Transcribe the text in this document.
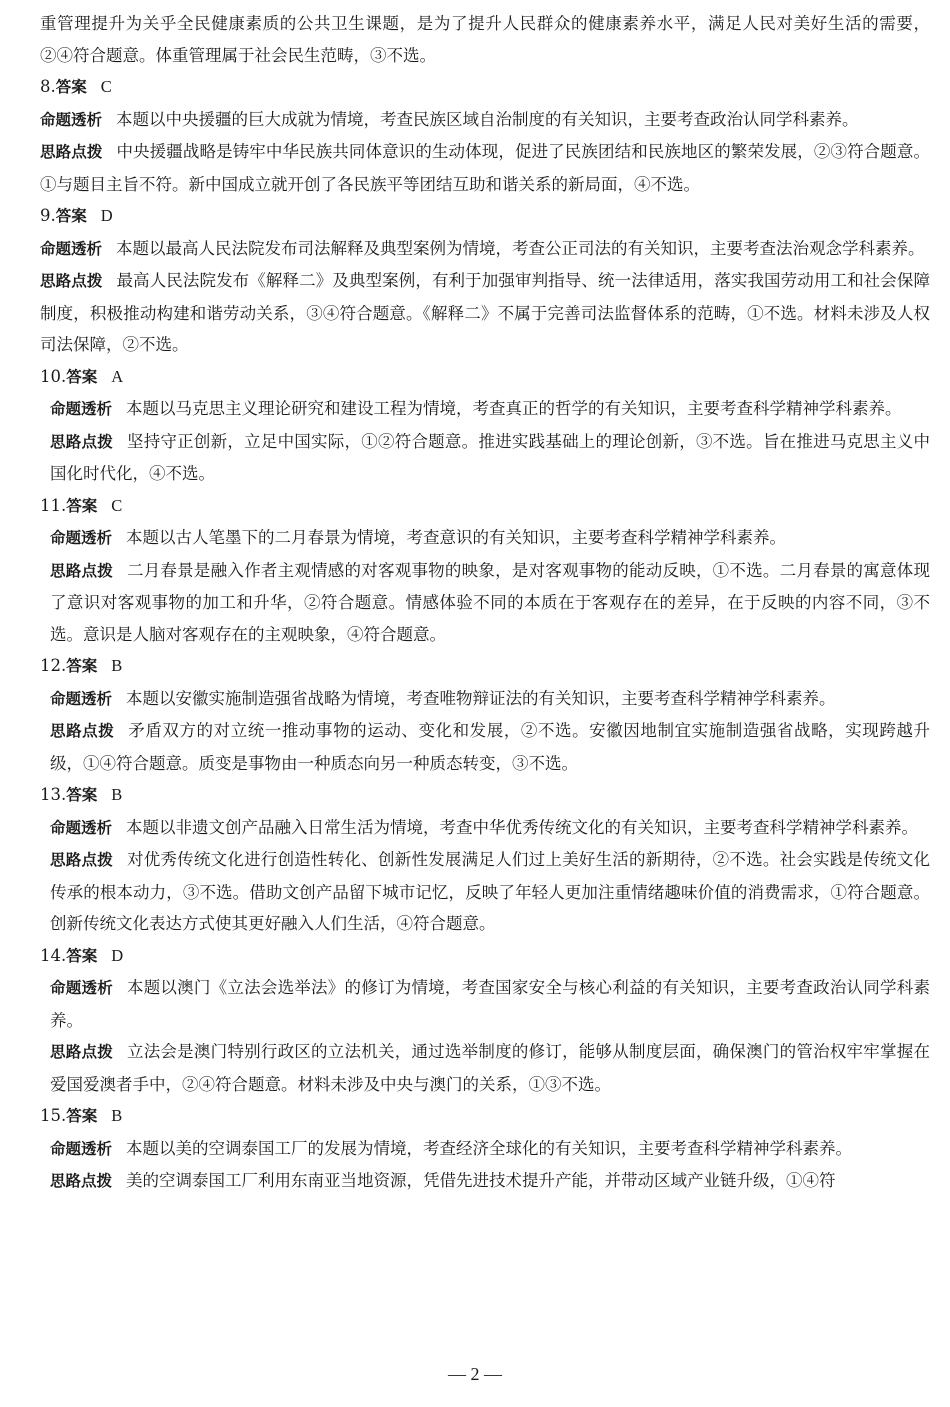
重管理提升为关乎全民健康素质的公共卫生课题，是为了提升人民群众的健康素养水平，满足人民对美好生活的需要，②④符合题意。体重管理属于社会民生范畴，③不选。

8.答案 C

命题透析 本题以中央援疆的巨大成就为情境，考查民族区域自治制度的有关知识，主要考查政治认同学科素养。

思路点拨 中央援疆战略是铸牢中华民族共同体意识的生动体现，促进了民族团结和民族地区的繁荣发展，②③符合题意。①与题目主旨不符。新中国成立就开创了各民族平等团结互助和谐关系的新局面，④不选。

9.答案 D

命题透析 本题以最高人民法院发布司法解释及典型案例为情境，考查公正司法的有关知识，主要考查法治观念学科素养。

思路点拨 最高人民法院发布《解释二》及典型案例，有利于加强审判指导、统一法律适用，落实我国劳动用工和社会保障制度，积极推动构建和谐劳动关系，③④符合题意。《解释二》不属于完善司法监督体系的范畴，①不选。材料未涉及人权司法保障，②不选。

10.答案 A

命题透析 本题以马克思主义理论研究和建设工程为情境，考查真正的哲学的有关知识，主要考查科学精神学科素养。

思路点拨 坚持守正创新，立足中国实际，①②符合题意。推进实践基础上的理论创新，③不选。旨在推进马克思主义中国化时代化，④不选。

11.答案 C

命题透析 本题以古人笔墨下的二月春景为情境，考查意识的有关知识，主要考查科学精神学科素养。

思路点拨 二月春景是融入作者主观情感的对客观事物的映象，是对客观事物的能动反映，①不选。二月春景的寓意体现了意识对客观事物的加工和升华，②符合题意。情感体验不同的本质在于客观存在的差异，在于反映的内容不同，③不选。意识是人脑对客观存在的主观映象，④符合题意。

12.答案 B

命题透析 本题以安徽实施制造强省战略为情境，考查唯物辩证法的有关知识，主要考查科学精神学科素养。

思路点拨 矛盾双方的对立统一推动事物的运动、变化和发展，②不选。安徽因地制宜实施制造强省战略，实现跨越升级，①④符合题意。质变是事物由一种质态向另一种质态转变，③不选。

13.答案 B

命题透析 本题以非遗文创产品融入日常生活为情境，考查中华优秀传统文化的有关知识，主要考查科学精神学科素养。

思路点拨 对优秀传统文化进行创造性转化、创新性发展满足人们过上美好生活的新期待，②不选。社会实践是传统文化传承的根本动力，③不选。借助文创产品留下城市记忆，反映了年轻人更加注重情绪趣味价值的消费需求，①符合题意。创新传统文化表达方式使其更好融入人们生活，④符合题意。

14.答案 D

命题透析 本题以澳门《立法会选举法》的修订为情境，考查国家安全与核心利益的有关知识，主要考查政治认同学科素养。

思路点拨 立法会是澳门特别行政区的立法机关，通过选举制度的修订，能够从制度层面，确保澳门的管治权牢牢掌握在爱国爱澳者手中，②④符合题意。材料未涉及中央与澳门的关系，①③不选。

15.答案 B

命题透析 本题以美的空调泰国工厂的发展为情境，考查经济全球化的有关知识，主要考查科学精神学科素养。

思路点拨 美的空调泰国工厂利用东南亚当地资源，凭借先进技术提升产能，并带动区域产业链升级，①④符

— 2 —
